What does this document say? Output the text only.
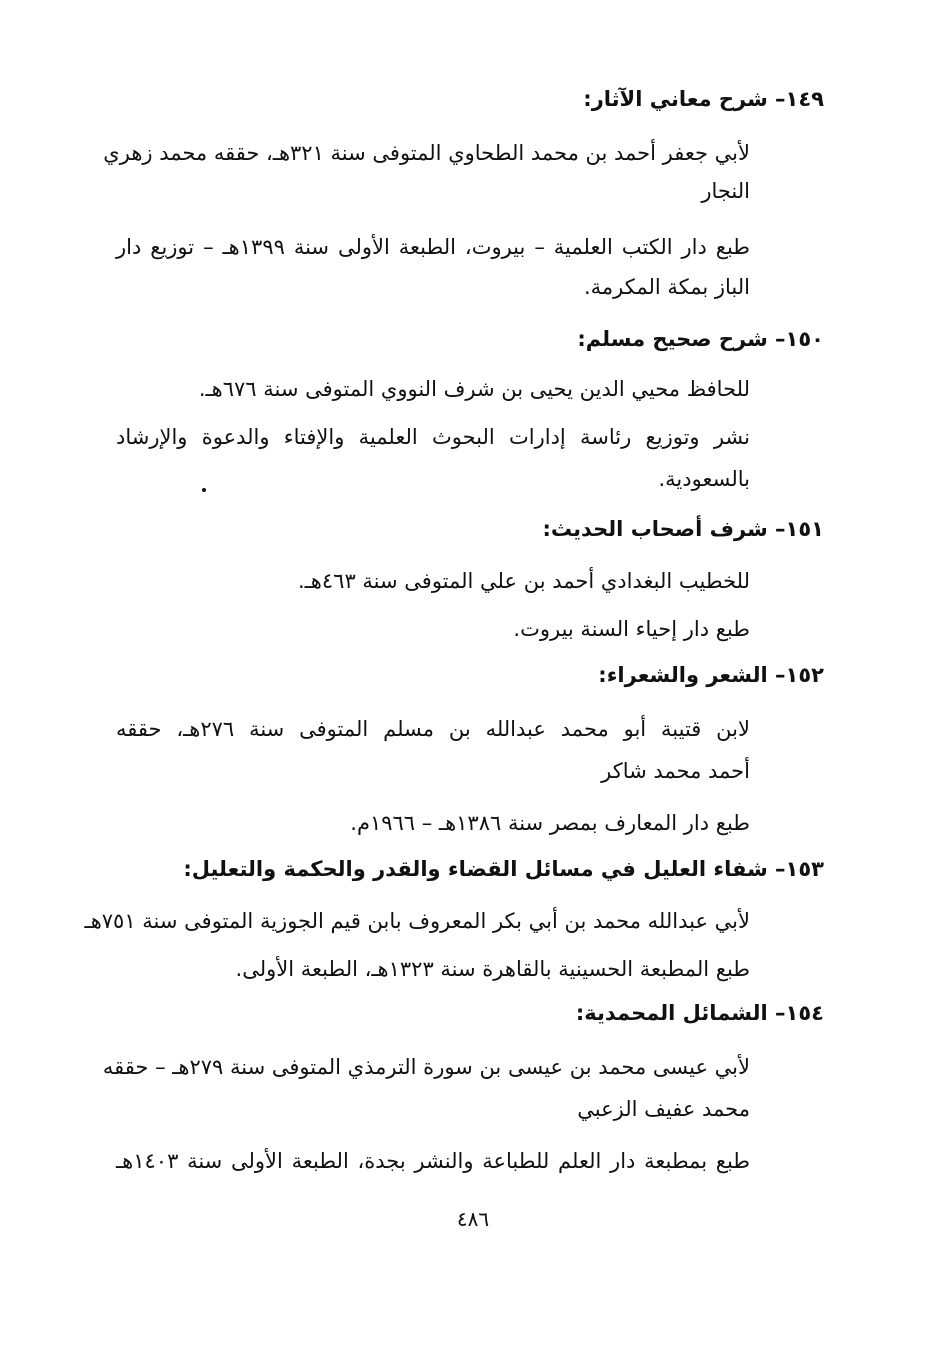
١٤٩– شرح معاني الآثار:
لأبي جعفر أحمد بن محمد الطحاوي المتوفى سنة ٣٢١هـ، حققه محمد زهري
النجار
طبع دار الكتب العلمية – بيروت، الطبعة الأولى سنة ١٣٩٩هـ – توزيع دار
الباز بمكة المكرمة.
١٥٠– شرح صحيح مسلم:
للحافظ محيي الدين يحيى بن شرف النووي المتوفى سنة ٦٧٦هـ.
نشر وتوزيع رئاسة إدارات البحوث العلمية والإفتاء والدعوة والإرشاد
بالسعودية.
١٥١– شرف أصحاب الحديث:
للخطيب البغدادي أحمد بن علي المتوفى سنة ٤٦٣هـ.
طبع دار إحياء السنة بيروت.
١٥٢– الشعر والشعراء:
لابن قتيبة أبو محمد عبدالله بن مسلم المتوفى سنة ٢٧٦هـ، حققه
أحمد محمد شاكر
طبع دار المعارف بمصر سنة ١٣٨٦هـ – ١٩٦٦م.
١٥٣– شفاء العليل في مسائل القضاء والقدر والحكمة والتعليل:
لأبي عبدالله محمد بن أبي بكر المعروف بابن قيم الجوزية المتوفى سنة ٧٥١هـ
طبع المطبعة الحسينية بالقاهرة سنة ١٣٢٣هـ، الطبعة الأولى.
١٥٤– الشمائل المحمدية:
لأبي عيسى محمد بن عيسى بن سورة الترمذي المتوفى سنة ٢٧٩هـ – حققه
محمد عفيف الزعبي
طبع بمطبعة دار العلم للطباعة والنشر بجدة، الطبعة الأولى سنة ١٤٠٣هـ
٤٨٦
